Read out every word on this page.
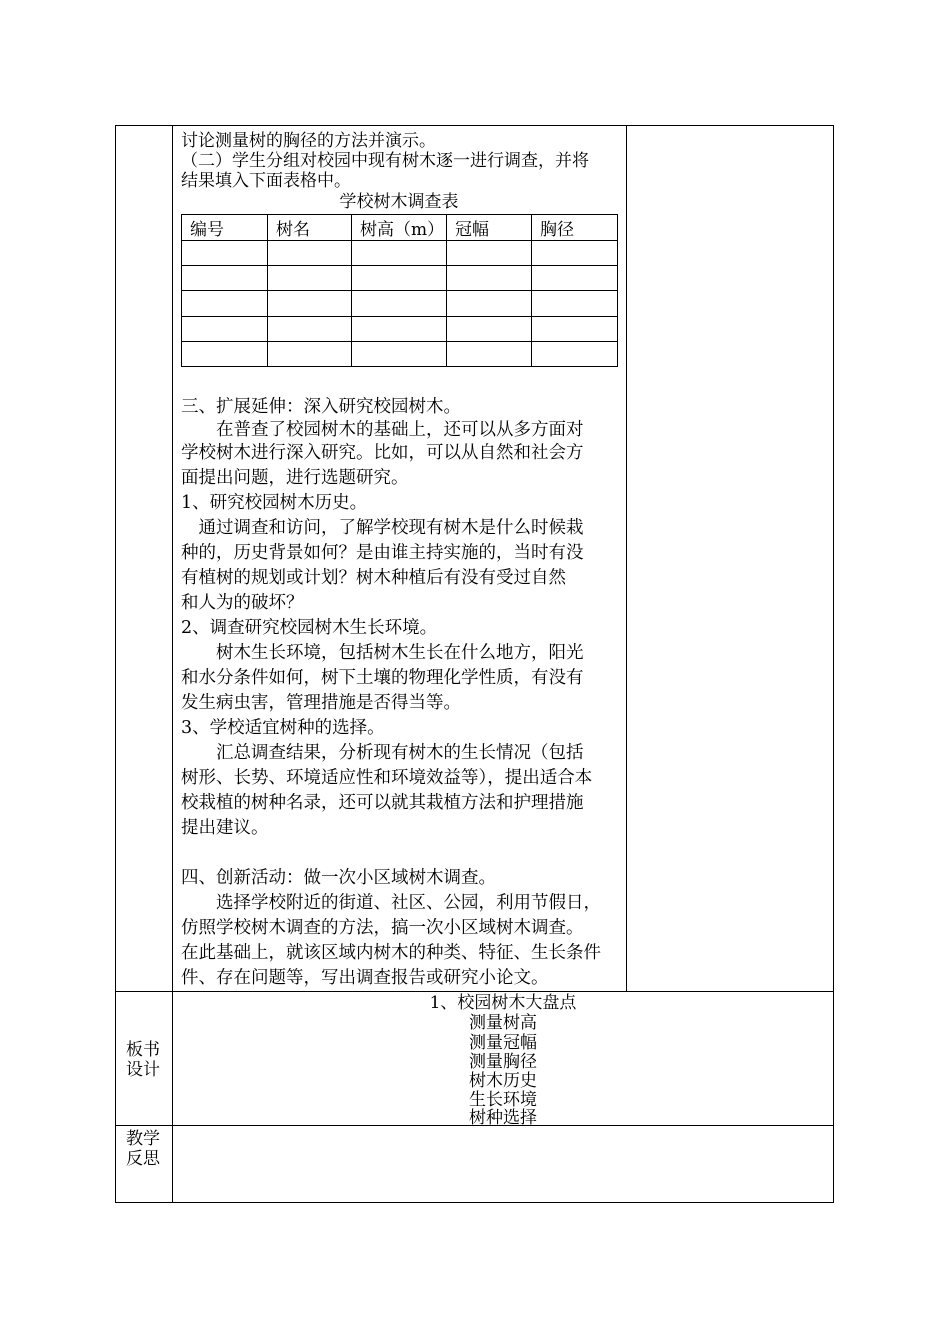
讨论测量树的胸径的方法并演示。
（二）学生分组对校园中现有树木逐一进行调查，并将
结果填入下面表格中。
学校树木调查表
编号	树名	树高（m）	冠幅	胸径

三、扩展延伸：深入研究校园树木。
　　在普查了校园树木的基础上，还可以从多方面对
学校树木进行深入研究。比如，可以从自然和社会方
面提出问题，进行选题研究。
1、研究校园树木历史。
　通过调查和访问，了解学校现有树木是什么时候栽
种的，历史背景如何？是由谁主持实施的，当时有没
有植树的规划或计划？树木种植后有没有受过自然
和人为的破坏？
2、调查研究校园树木生长环境。
　　树木生长环境，包括树木生长在什么地方，阳光
和水分条件如何，树下土壤的物理化学性质，有没有
发生病虫害，管理措施是否得当等。
3、学校适宜树种的选择。
　　汇总调查结果，分析现有树木的生长情况（包括
树形、长势、环境适应性和环境效益等），提出适合本
校栽植的树种名录，还可以就其栽植方法和护理措施
提出建议。
四、创新活动：做一次小区域树木调查。
　　选择学校附近的街道、社区、公园，利用节假日，
仿照学校树木调查的方法，搞一次小区域树木调查。
在此基础上，就该区域内树木的种类、特征、生长条件
件、存在问题等，写出调查报告或研究小论文。
板书
设计
1、校园树木大盘点
测量树高
测量冠幅
测量胸径
树木历史
生长环境
树种选择
教学
反思
